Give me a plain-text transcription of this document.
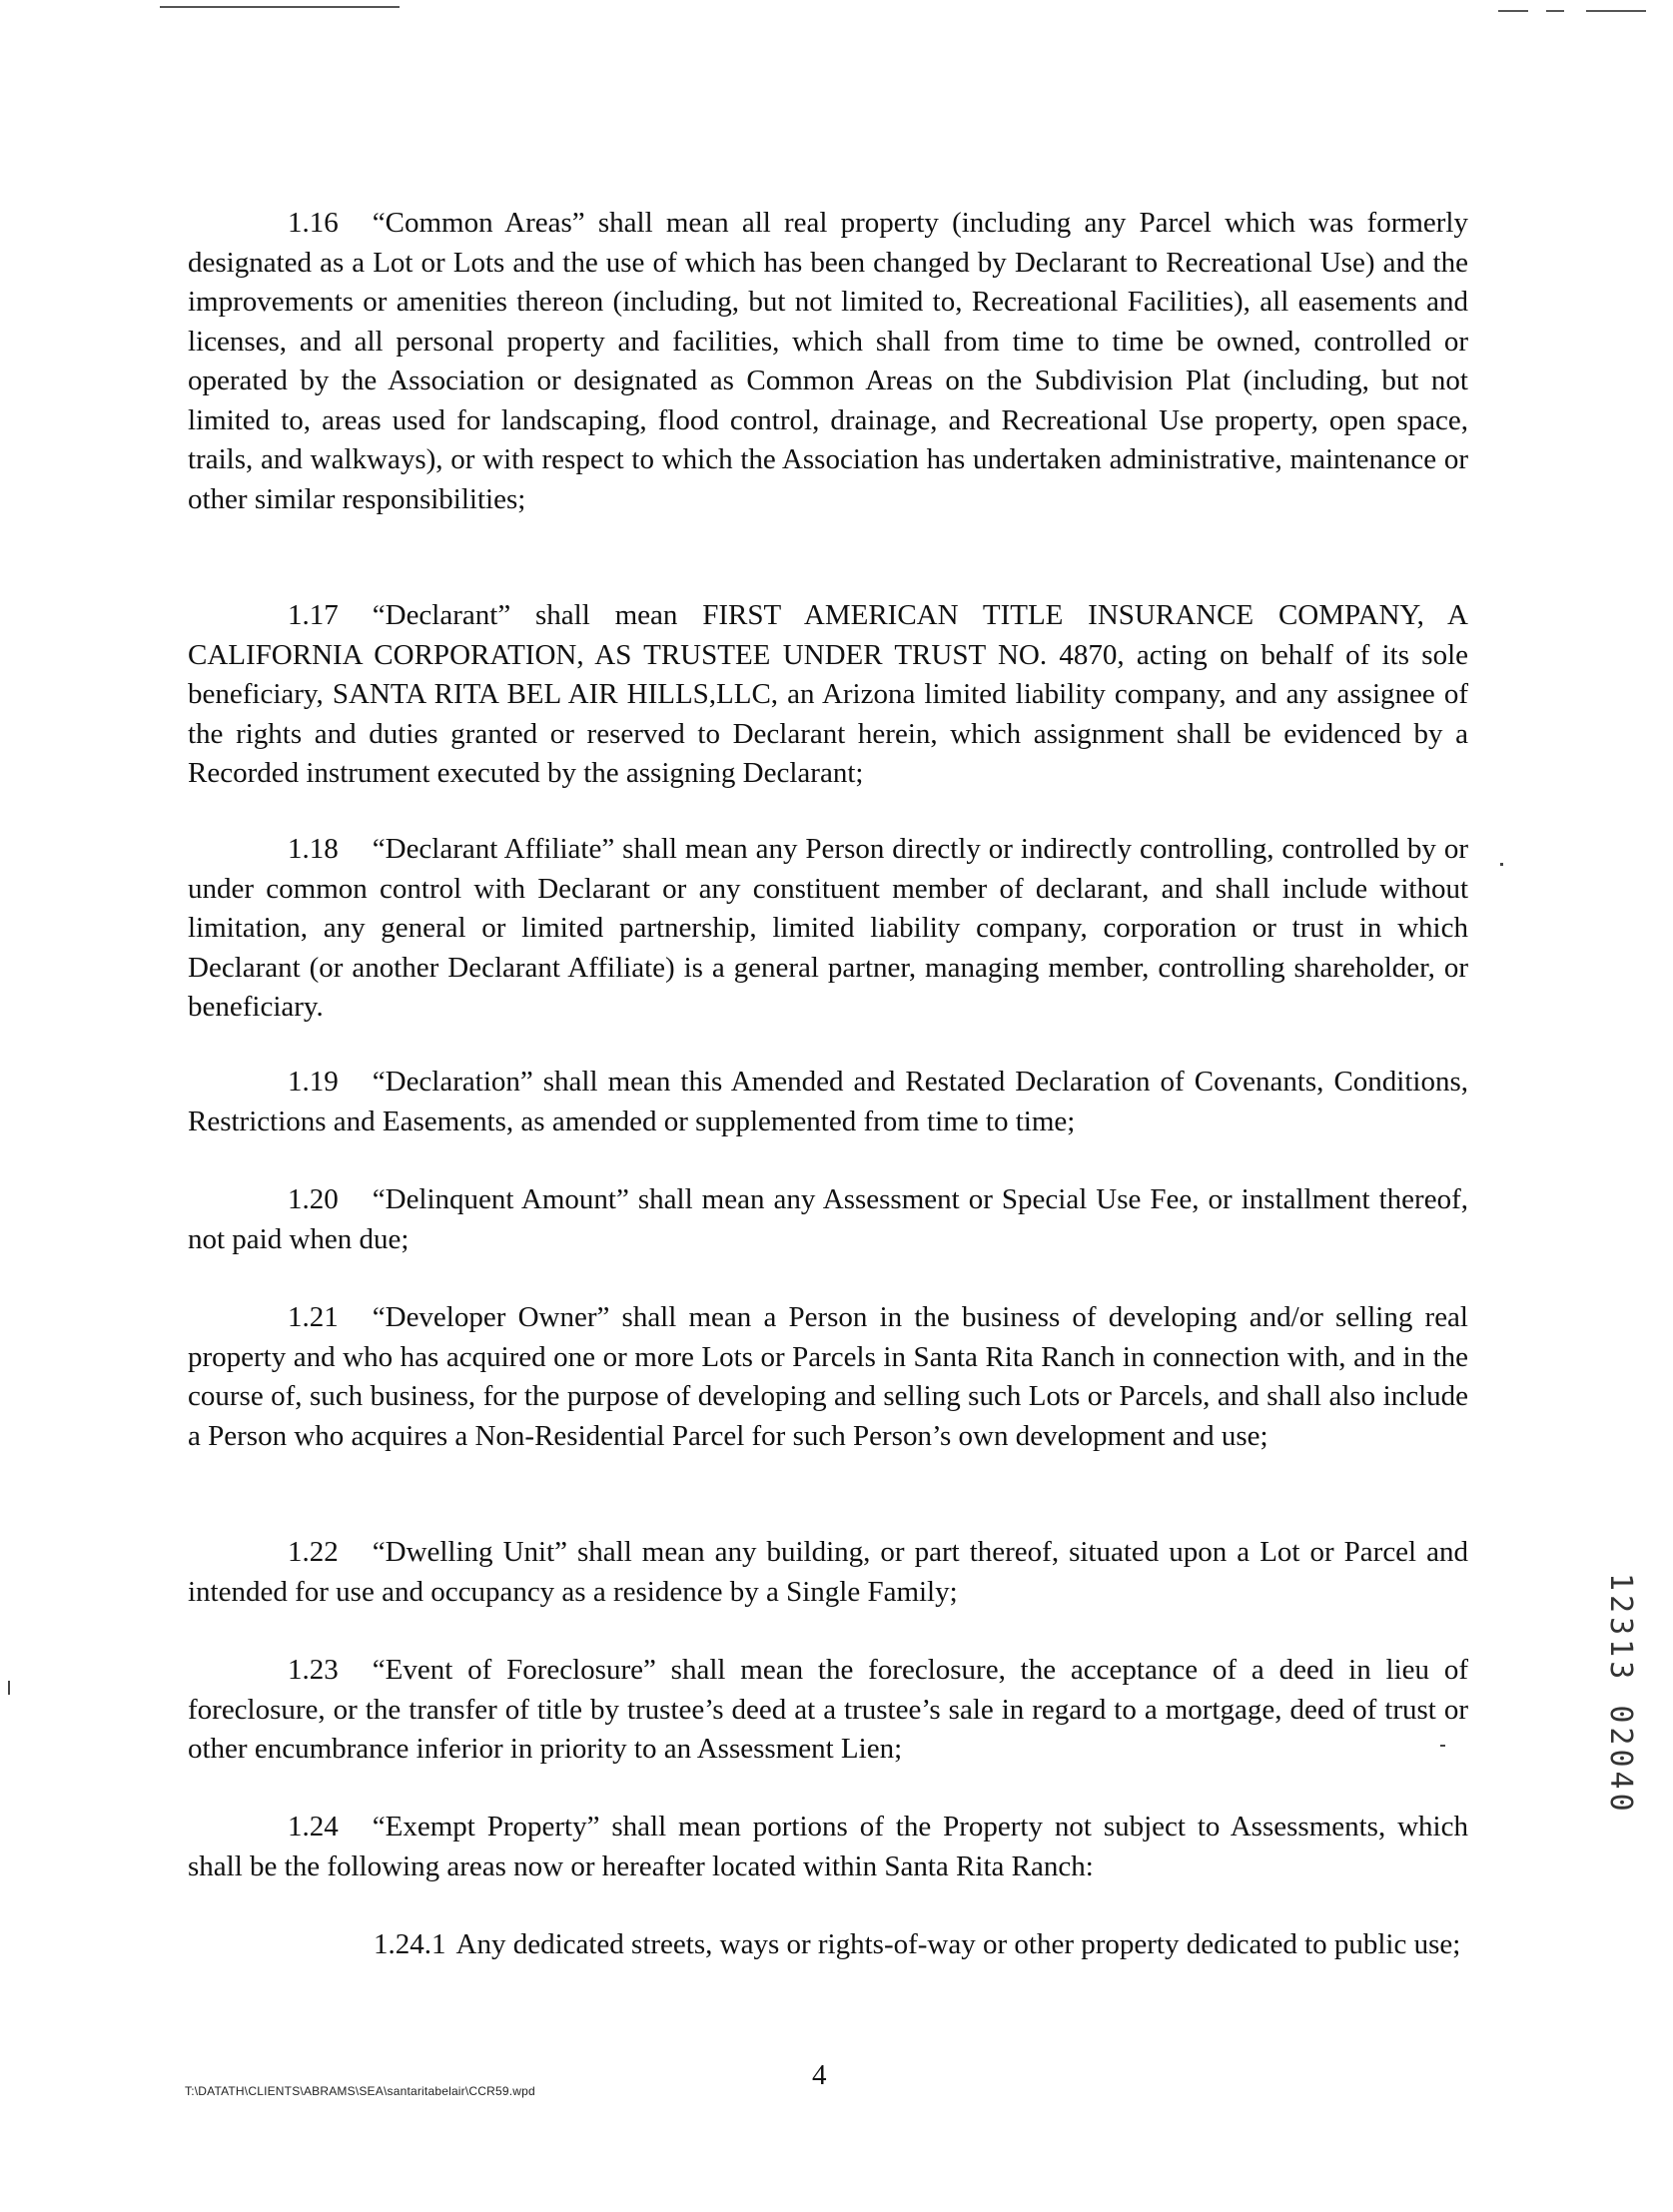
1.16 “Common Areas” shall mean all real property (including any Parcel which was formerly designated as a Lot or Lots and the use of which has been changed by Declarant to Recreational Use) and the improvements or amenities thereon (including, but not limited to, Recreational Facilities), all easements and licenses, and all personal property and facilities, which shall from time to time be owned, controlled or operated by the Association or designated as Common Areas on the Subdivision Plat (including, but not limited to, areas used for landscaping, flood control, drainage, and Recreational Use property, open space, trails, and walkways), or with respect to which the Association has undertaken administrative, maintenance or other similar responsibilities;

1.17 “Declarant” shall mean FIRST AMERICAN TITLE INSURANCE COMPANY, A CALIFORNIA CORPORATION, AS TRUSTEE UNDER TRUST NO. 4870, acting on behalf of its sole beneficiary, SANTA RITA BEL AIR HILLS,LLC, an Arizona limited liability company, and any assignee of the rights and duties granted or reserved to Declarant herein, which assignment shall be evidenced by a Recorded instrument executed by the assigning Declarant;

1.18 “Declarant Affiliate” shall mean any Person directly or indirectly controlling, controlled by or under common control with Declarant or any constituent member of declarant, and shall include without limitation, any general or limited partnership, limited liability company, corporation or trust in which Declarant (or another Declarant Affiliate) is a general partner, managing member, controlling shareholder, or beneficiary.

1.19 “Declaration” shall mean this Amended and Restated Declaration of Covenants, Conditions, Restrictions and Easements, as amended or supplemented from time to time;

1.20 “Delinquent Amount” shall mean any Assessment or Special Use Fee, or installment thereof, not paid when due;

1.21 “Developer Owner” shall mean a Person in the business of developing and/or selling real property and who has acquired one or more Lots or Parcels in Santa Rita Ranch in connection with, and in the course of, such business, for the purpose of developing and selling such Lots or Parcels, and shall also include a Person who acquires a Non-Residential Parcel for such Person’s own development and use;

1.22 “Dwelling Unit” shall mean any building, or part thereof, situated upon a Lot or Parcel and intended for use and occupancy as a residence by a Single Family;

1.23 “Event of Foreclosure” shall mean the foreclosure, the acceptance of a deed in lieu of foreclosure, or the transfer of title by trustee’s deed at a trustee’s sale in regard to a mortgage, deed of trust or other encumbrance inferior in priority to an Assessment Lien;

1.24 “Exempt Property” shall mean portions of the Property not subject to Assessments, which shall be the following areas now or hereafter located within Santa Rita Ranch:

1.24.1 Any dedicated streets, ways or rights-of-way or other property dedicated to public use;

12313 02040
4
T:\DATATH\CLIENTS\ABRAMS\SEA\santaritabelair\CCR59.wpd
